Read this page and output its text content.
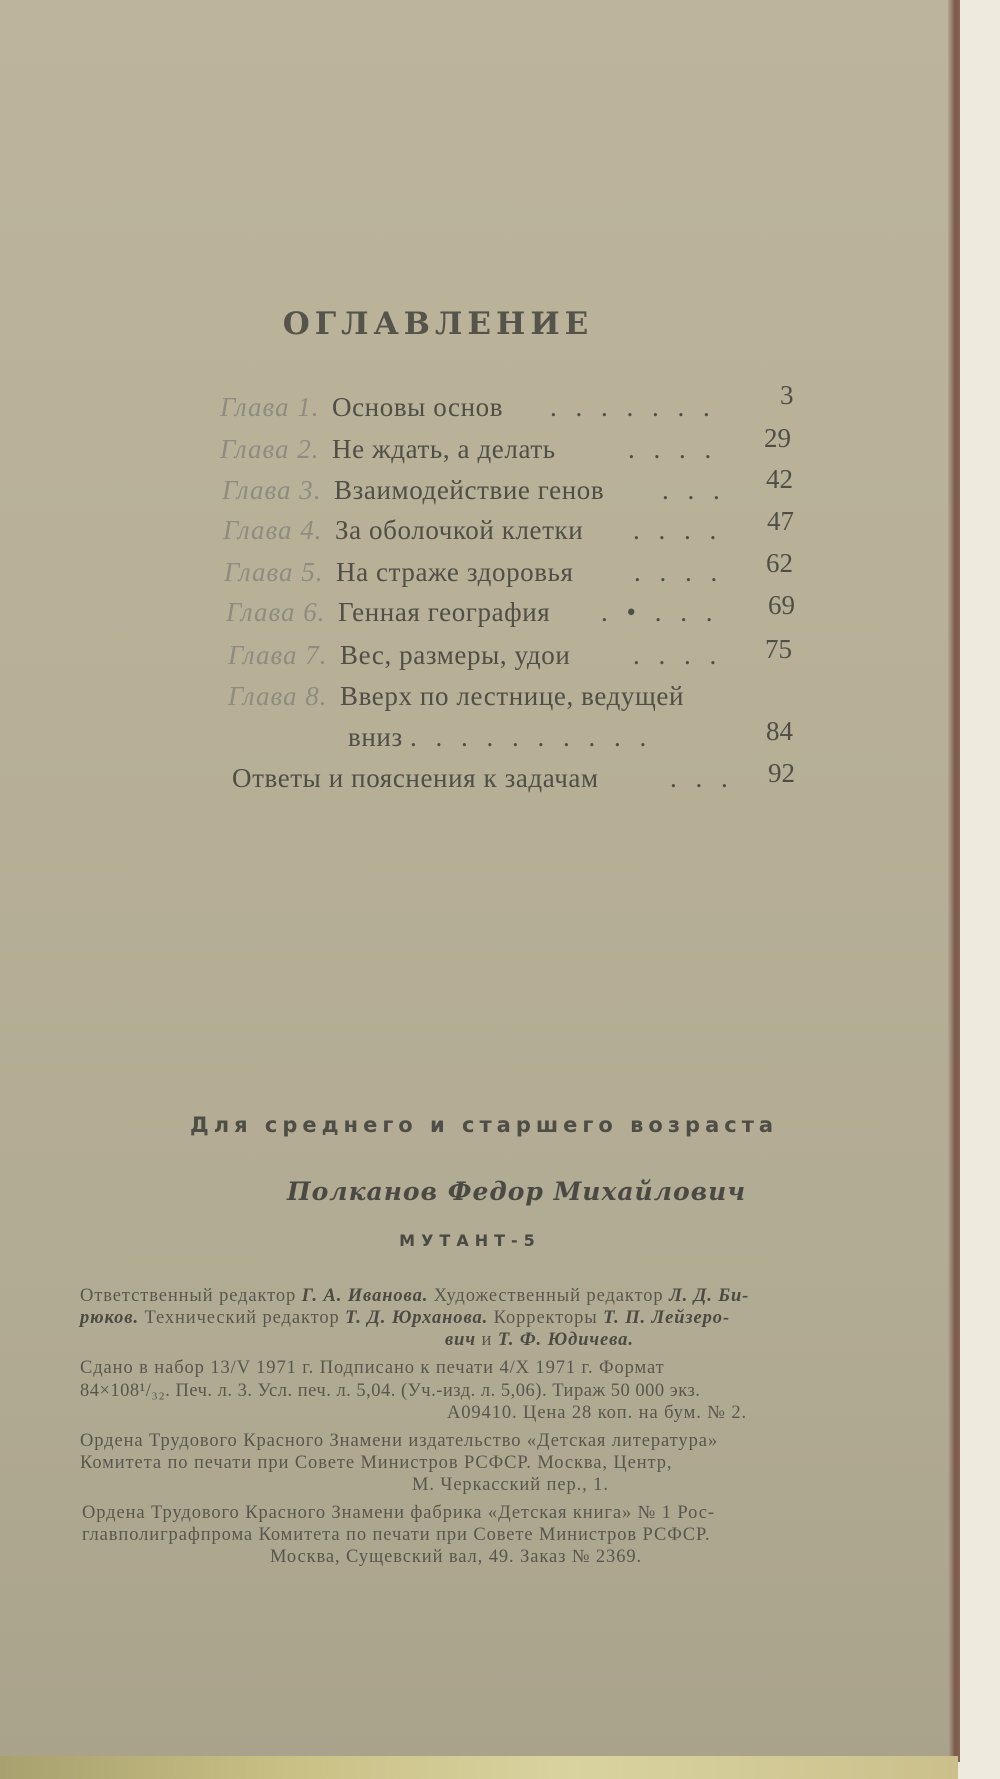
ОГЛАВЛЕНИЕ
Глава 1. Основы основ . . . . . . . 3
Глава 2. Не ждать, а делать	. . . . 29
Глава 3. Взаимодействие генов . . . 42
Глава 4. За оболочкой клетки . . . . 47
Глава 5. На страже здоровья . . . . 62
Глава 6. Генная география . • . . . 69
Глава 7. Вес, размеры, удои . . . . 75
Глава 8. Вверх по лестнице, ведущей
вниз . . . . . . . . . .	84
Ответы и пояснения к задачам	. . . 92
Для среднего и старшего возраста
Полканов Федор Михайлович
МУТАНТ-5
Ответственный редактор Г. А. Иванова. Художественный редактор Л. Д. Би-
рюков. Технический редактор Т. Д. Юрханова. Корректоры Т. П. Лейзеро-
вич и Т. Ф. Юдичева.
Сдано в набор 13/V 1971 г. Подписано к печати 4/Х 1971 г. Формат
84×108¹/₃₂. Печ. л. 3. Усл. печ. л. 5,04. (Уч.-изд. л. 5,06). Тираж 50 000 экз.
А09410. Цена 28 коп. на бум. № 2.
Ордена Трудового Красного Знамени издательство «Детская литература»
Комитета по печати при Совете Министров РСФСР. Москва, Центр,
М. Черкасский пер., 1.
Ордена Трудового Красного Знамени фабрика «Детская книга» № 1 Рос-
главполиграфпрома Комитета по печати при Совете Министров РСФСР.
Москва, Сущевский вал, 49. Заказ № 2369.
